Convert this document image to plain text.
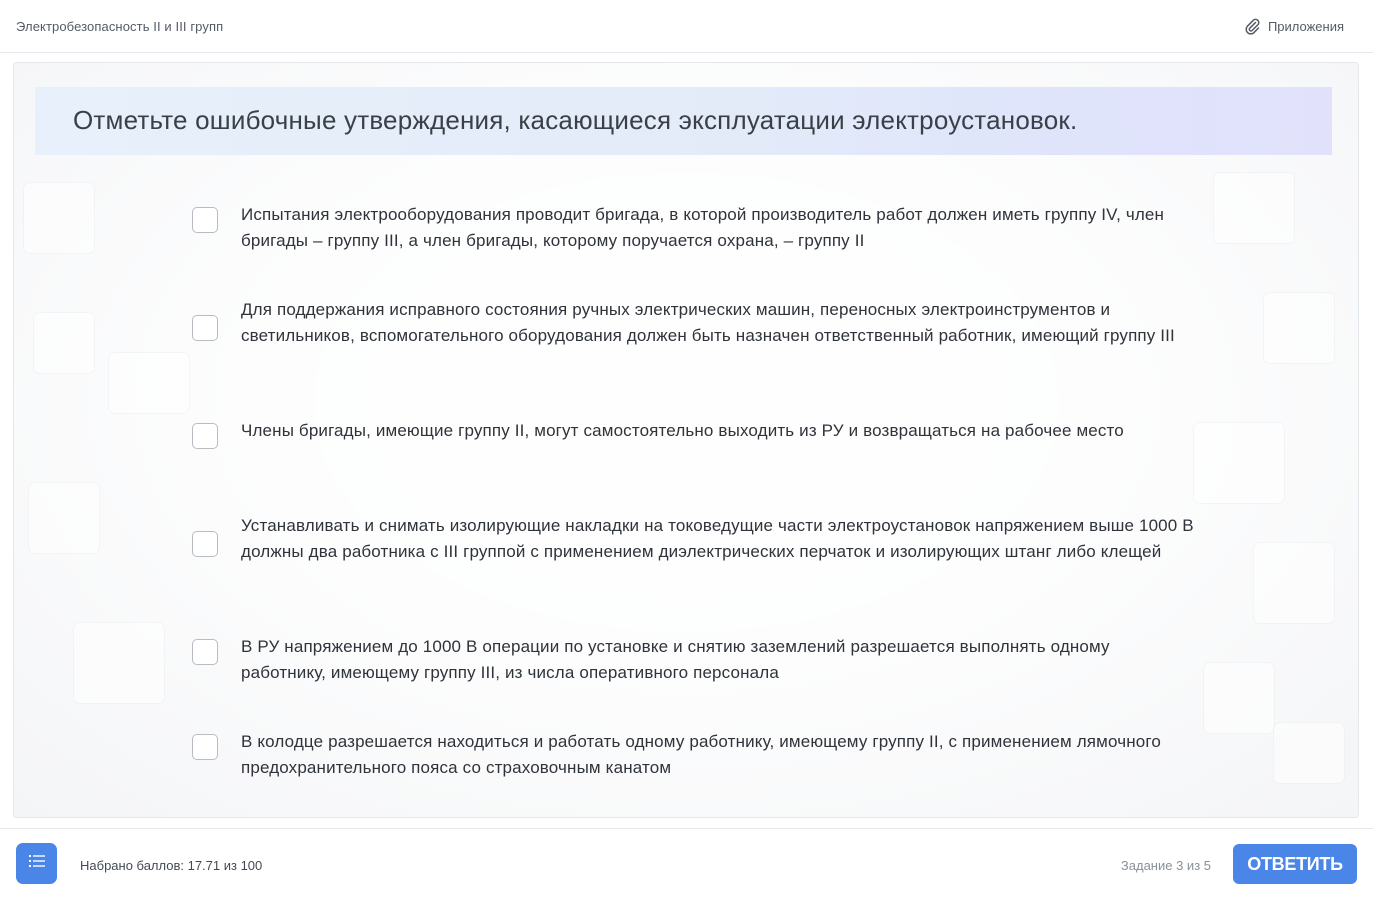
Электробезопасность II и III групп	Приложения
Отметьте ошибочные утверждения, касающиеся эксплуатации электроустановок.
Испытания электрооборудования проводит бригада, в которой производитель работ должен иметь группу IV, член бригады – группу III, а член бригады, которому поручается охрана, – группу II
Для поддержания исправного состояния ручных электрических машин, переносных электроинструментов и светильников, вспомогательного оборудования должен быть назначен ответственный работник, имеющий группу III
Члены бригады, имеющие группу II, могут самостоятельно выходить из РУ и возвращаться на рабочее место
Устанавливать и снимать изолирующие накладки на токоведущие части электроустановок напряжением выше 1000 В должны два работника с III группой с применением диэлектрических перчаток и изолирующих штанг либо клещей
В РУ напряжением до 1000 В операции по установке и снятию заземлений разрешается выполнять одному работнику, имеющему группу III, из числа оперативного персонала
В колодце разрешается находиться и работать одному работнику, имеющему группу II, с применением лямочного предохранительного пояса со страховочным канатом
Набрано баллов: 17.71 из 100	Задание 3 из 5	ОТВЕТИТЬ
